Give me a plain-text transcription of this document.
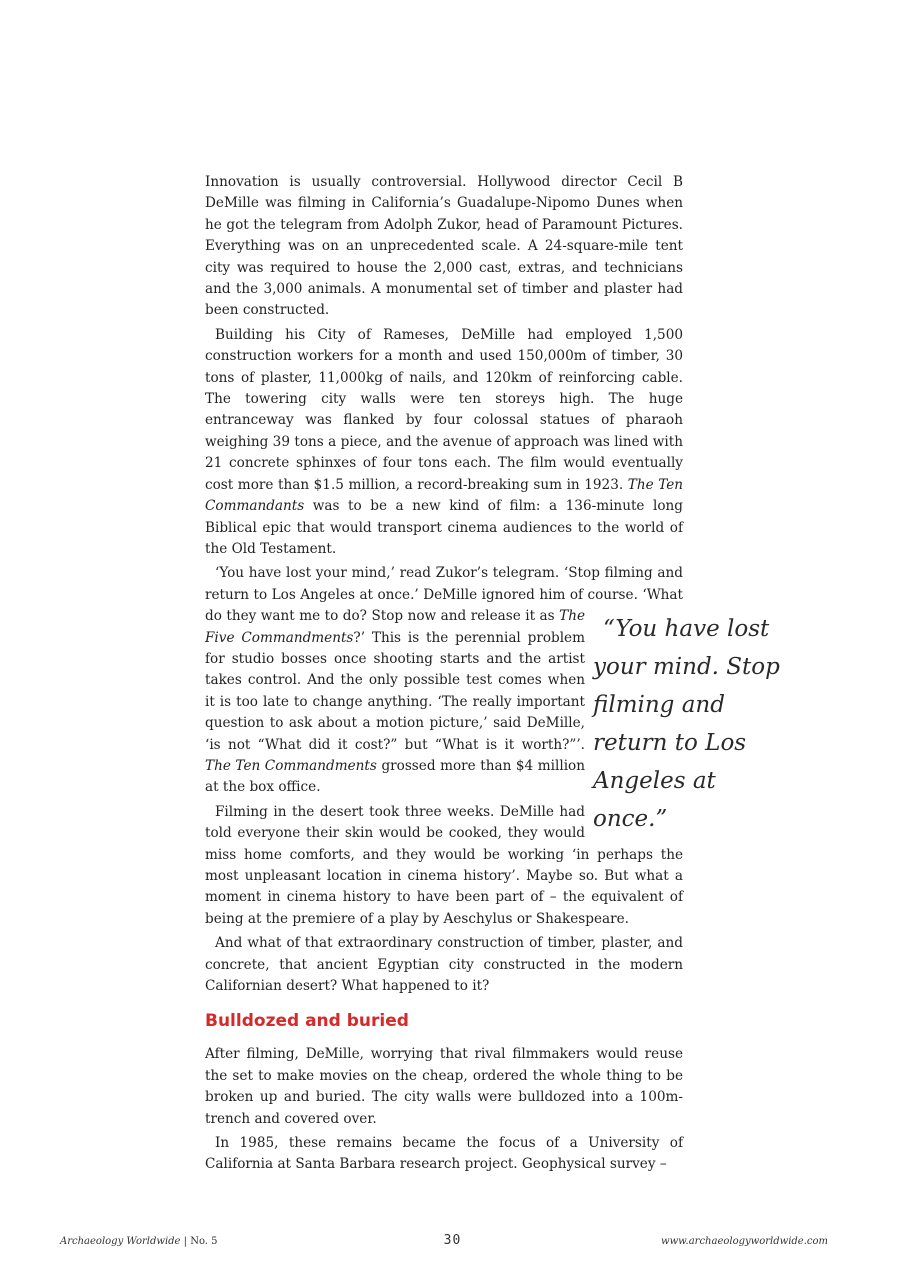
Innovation is usually controversial. Hollywood director Cecil B DeMille was filming in California’s Guadalupe-Nipomo Dunes when he got the telegram from Adolph Zukor, head of Paramount Pictures. Everything was on an unprecedented scale. A 24-square-mile tent city was required to house the 2,000 cast, extras, and technicians and the 3,000 animals. A monumental set of timber and plaster had been constructed.

Building his City of Rameses, DeMille had employed 1,500 construction workers for a month and used 150,000m of timber, 30 tons of plaster, 11,000kg of nails, and 120km of reinforcing cable. The towering city walls were ten storeys high. The huge entranceway was flanked by four colossal statues of pharaoh weighing 39 tons a piece, and the avenue of approach was lined with 21 concrete sphinxes of four tons each. The film would eventually cost more than $1.5 million, a record-breaking sum in 1923. The Ten Commandants was to be a new kind of film: a 136-minute long Biblical epic that would transport cinema audiences to the world of the Old Testament.

‘You have lost your mind,’ read Zukor’s telegram. ‘Stop filming and return to Los Angeles at once.’ DeMille ignored him of course. ‘What do they want me to do? Stop now and release it as	“You have lost your mind. Stop filming and return to Los Angeles at once.”
The Five Commandments?’ This is the perennial problem for studio bosses once shooting starts and the artist takes control. And the only possible test comes when it is too late to change anything. ‘The really important question to ask about a motion picture,’ said DeMille, ‘is not “What did it cost?” but “What is it worth?”’. The Ten Commandments grossed more than $4 million at the box office.

Filming in the desert took three weeks. DeMille had told everyone their skin would be cooked, they would miss home comforts, and they would be working ‘in perhaps the most unpleasant location in cinema history’. Maybe so. But what a moment in cinema history to have been part of – the equivalent of being at the premiere of a play by Aeschylus or Shakespeare.

And what of that extraordinary construction of timber, plaster, and concrete, that ancient Egyptian city constructed in the modern Californian desert? What happened to it?

Bulldozed and buried

After filming, DeMille, worrying that rival filmmakers would reuse the set to make movies on the cheap, ordered the whole thing to be broken up and buried. The city walls were bulldozed into a 100m-trench and covered over.

In 1985, these remains became the focus of a University of California at Santa Barbara research project. Geophysical survey –

Archaeology Worldwide | No. 5	30	www.archaeologyworldwide.com
